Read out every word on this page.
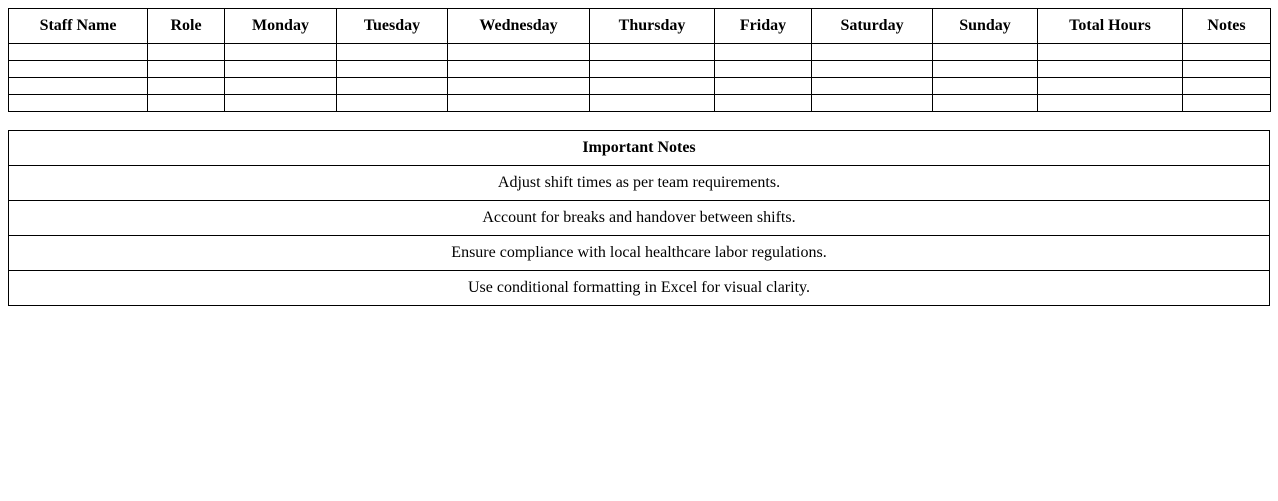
Staff Name	Role	Monday	Tuesday	Wednesday	Thursday	Friday	Saturday	Sunday	Total Hours	Notes

Important Notes
Adjust shift times as per team requirements.
Account for breaks and handover between shifts.
Ensure compliance with local healthcare labor regulations.
Use conditional formatting in Excel for visual clarity.
